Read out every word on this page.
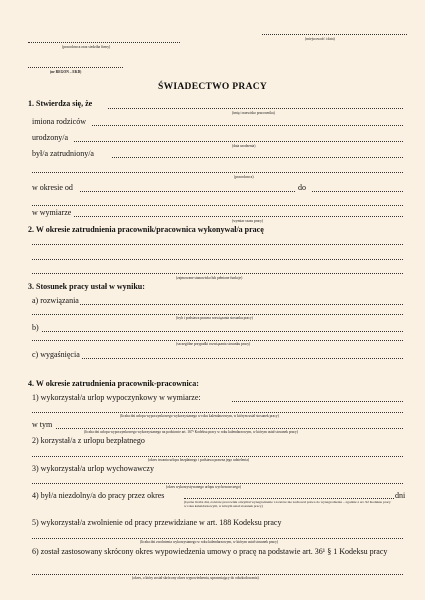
(miejscowość i data)
(pracodawca oraz siedziba firmy)
(nr REGON – EKD)
ŚWIADECTWO PRACY
1. Stwierdza się, że
(imię i nazwisko pracownika)
imiona rodziców
urodzony/a
(data urodzenia)
był/a zatrudniony/a
(pracodawca)
w okresie od	do
w wymiarze
(wymiar czasu pracy)
2. W okresie zatrudnienia pracownik/pracownica wykonywał/a pracę
(zajmowane stanowisko lub pełnione funkcje)
3. Stosunek pracy ustał w wyniku:
a) rozwiązania
(tryb i podstawa prawna rozwiązania stosunku pracy)
b)
(szczególne przypadki rozwiązania stosunku pracy)
c) wygaśnięcia
4. W okresie zatrudnienia pracownik-pracownica:
1) wykorzystał/a urlop wypoczynkowy w wymiarze:
(liczba dni urlopu wypoczynkowego wykorzystanego w roku kalendarzowym, w którym ustał stosunek pracy)
w tym
(liczba dni urlopu wypoczynkowego wykorzystanego na podstawie art. 167¹ Kodeksu pracy w roku kalendarzowym, w którym ustał stosunek pracy)
2) korzystał/a z urlopu bezpłatnego
(okres trwania urlopu bezpłatnego i podstawa prawna jego udzielenia)
3) wykorzystał/a urlop wychowawczy
(okres wykorzystywanego urlopu wychowawczego)
4) był/a niezdolny/a do pracy przez okres	dni
(łączna liczba dni, za które pracownik otrzymał wynagrodzenie i za które nie zachował prawa do wynagrodzenia – zgodnie z art. 92 Kodeksu pracy w roku kalendarzowym, w którym ustał stosunek pracy)
5) wykorzystał/a zwolnienie od pracy przewidziane w art. 188 Kodeksu pracy
(liczba dni zwolnienia wykorzystanego w roku kalendarzowym, w którym ustał stosunek pracy)
6) został zastosowany skrócony okres wypowiedzenia umowy o pracę na podstawie art. 36¹ § 1 Kodeksu pracy
(okres, o który został skrócony okres wypowiedzenia, uprawniający do odszkodowania)
